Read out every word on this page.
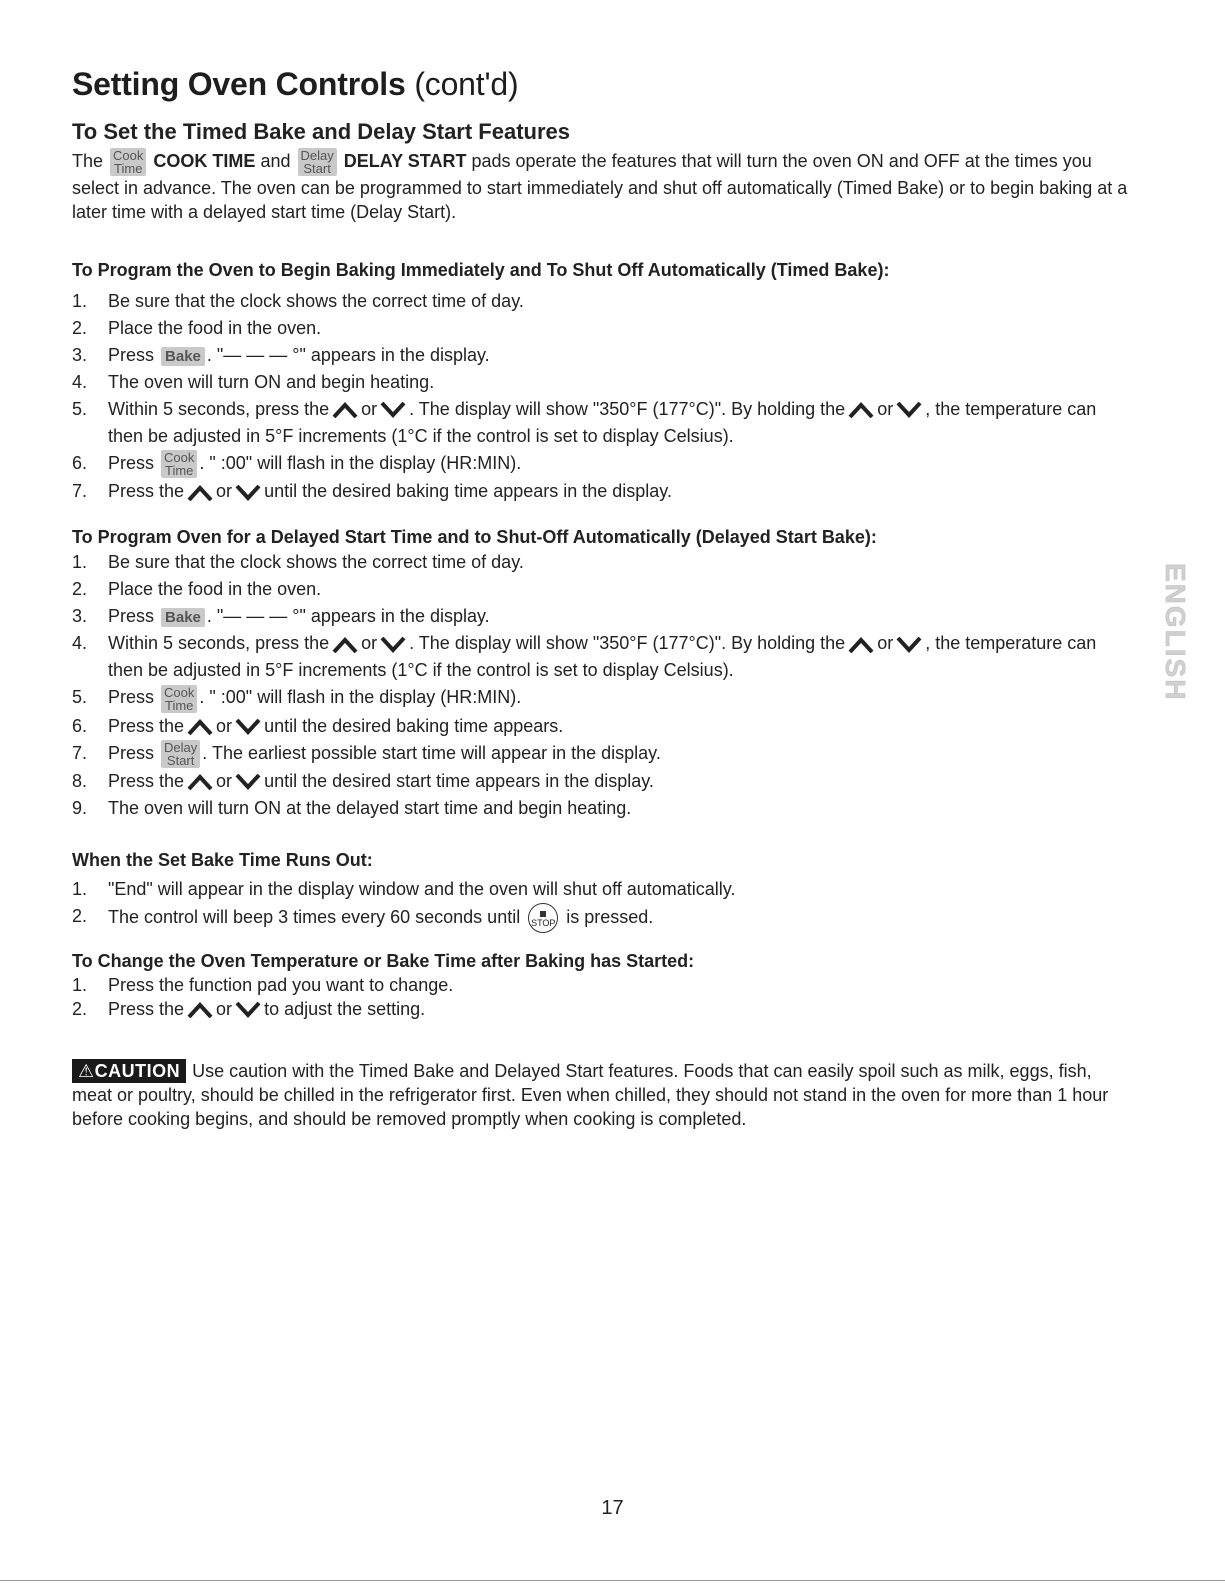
Setting Oven Controls (cont'd)
To Set the Timed Bake and Delay Start Features

The Cook
Time COOK TIME and Delay
Start DELAY START pads operate the features that will turn the oven ON and OFF at the times you select in advance. The oven can be programmed to start immediately and shut off automatically (Timed Bake) or to begin baking at a later time with a delayed start time (Delay Start).

To Program the Oven to Begin Baking Immediately and To Shut Off Automatically (Timed Bake):
1. Be sure that the clock shows the correct time of day.
2. Place the food in the oven.
3. Press Bake . "— — — °" appears in the display.
4. The oven will turn ON and begin heating.
5. Within 5 seconds, press the or . The display will show "350°F (177°C)". By holding the or , the temperature can then be adjusted in 5°F increments (1°C if the control is set to display Celsius).
6. Press Cook
Time . " :00" will flash in the display (HR:MIN).
7. Press the or until the desired baking time appears in the display.
To Program Oven for a Delayed Start Time and to Shut-Off Automatically (Delayed Start Bake):
1. Be sure that the clock shows the correct time of day.
2. Place the food in the oven.
3. Press Bake . "— — — °" appears in the display.
4. Within 5 seconds, press the or . The display will show "350°F (177°C)". By holding the or , the temperature can then be adjusted in 5°F increments (1°C if the control is set to display Celsius).
5. Press Cook
Time . " :00" will flash in the display (HR:MIN).
6. Press the or until the desired baking time appears.
7. Press Delay
Start . The earliest possible start time will appear in the display.
8. Press the or until the desired start time appears in the display.
9. The oven will turn ON at the delayed start time and begin heating.
When the Set Bake Time Runs Out:
1. "End" will appear in the display window and the oven will shut off automatically.
2. The control will beep 3 times every 60 seconds until STOP is pressed.
To Change the Oven Temperature or Bake Time after Baking has Started:
1. Press the function pad you want to change.
2. Press the or to adjust the setting.

⚠CAUTION Use caution with the Timed Bake and Delayed Start features. Foods that can easily spoil such as milk, eggs, fish, meat or poultry, should be chilled in the refrigerator first. Even when chilled, they should not stand in the oven for more than 1 hour before cooking begins, and should be removed promptly when cooking is completed.

ENGLISH
17
